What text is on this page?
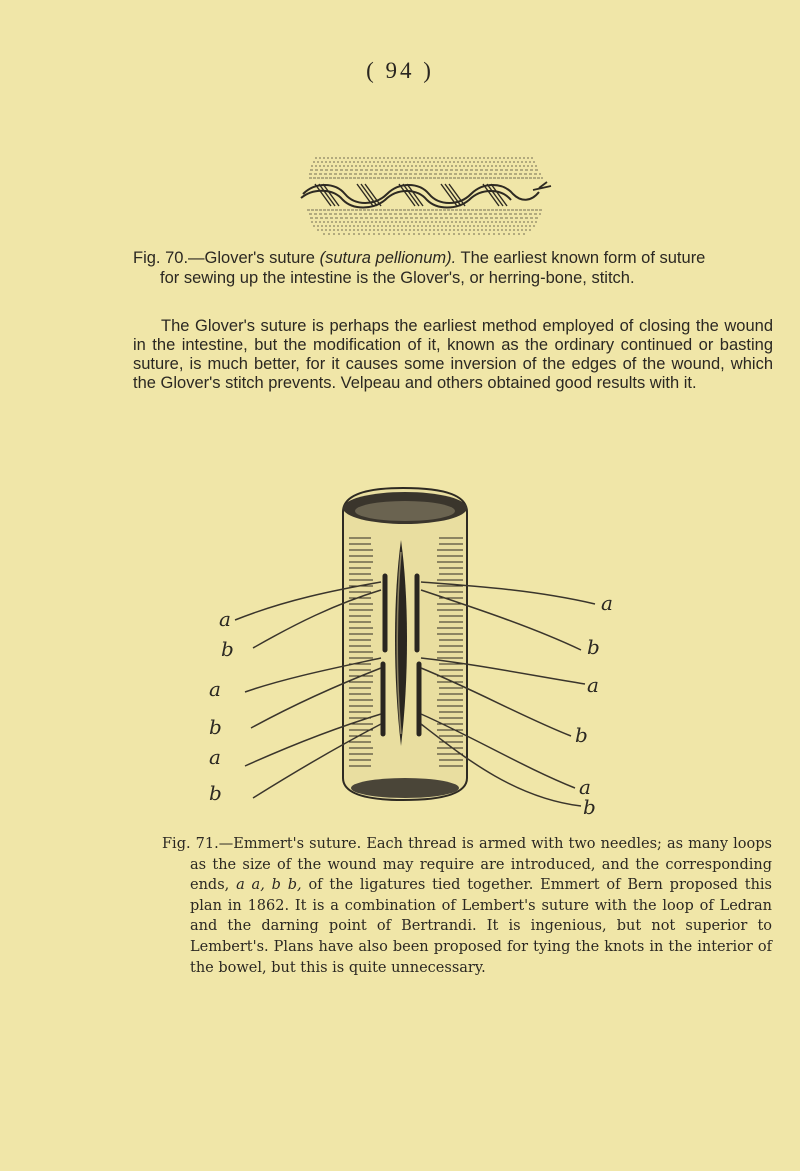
( 94 )
Fig. 70.—Glover's suture (sutura pellionum). The earliest known form of suture
for sewing up the intestine is the Glover's, or herring-bone, stitch.

The Glover's suture is perhaps the earliest method employed of closing the wound in the intestine, but the modification of it, known as the ordinary continued or basting suture, is much better, for it causes some inversion of the edges of the wound, which the Glover's stitch prevents. Velpeau and others obtained good results with it.

a
b
a
b
a
b
a
b
a
b
a
b
Fig. 71.—Emmert's suture. Each thread is armed with two needles; as many loops as the size of the wound may require are introduced, and the corresponding ends, a a, b b, of the ligatures tied together. Emmert of Bern proposed this plan in 1862. It is a combination of Lembert's suture with the loop of Ledran and the darning point of Bertrandi. It is ingenious, but not superior to Lembert's. Plans have also been proposed for tying the knots in the interior of the bowel, but this is quite unnecessary.
